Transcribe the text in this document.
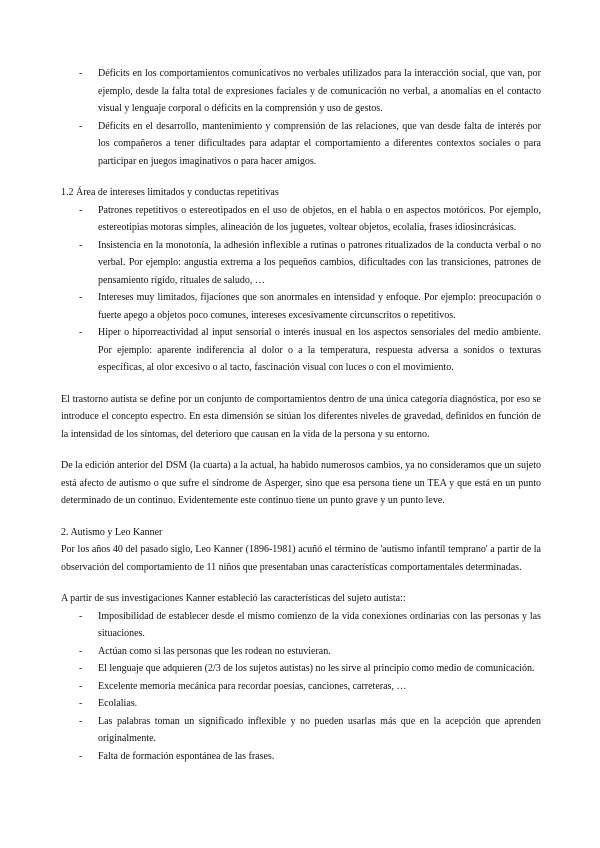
- Déficits en los comportamientos comunicativos no verbales utilizados para la interacción social, que van, por ejemplo, desde la falta total de expresiones faciales y de comunicación no verbal, a anomalías en el contacto visual y lenguaje corporal o déficits en la comprensión y uso de gestos.
- Déficits en el desarrollo, mantenimiento y comprensión de las relaciones, que van desde falta de interés por los compañeros a tener dificultades para adaptar el comportamiento a diferentes contextos sociales o para participar en juegos imaginativos o para hacer amigos.

1.2 Área de intereses limitados y conductas repetitivas

- Patrones repetitivos o estereotipados en el uso de objetos, en el habla o en aspectos motóricos. Por ejemplo, estereotipias motoras simples, alineación de los juguetes, voltear objetos, ecolalia, frases idiosincrásicas.
- Insistencia en la monotonía, la adhesión inflexible a rutinas o patrones ritualizados de la conducta verbal o no verbal. Por ejemplo: angustia extrema a los pequeños cambios, dificultades con las transiciones, patrones de pensamiento rígido, rituales de saludo, …
- Intereses muy limitados, fijaciones que son anormales en intensidad y enfoque. Por ejemplo: preocupación o fuerte apego a objetos poco comunes, intereses excesivamente circunscritos o repetitivos.
- Hiper o hiporreactividad al input sensorial o interés inusual en los aspectos sensoriales del medio ambiente. Por ejemplo: aparente indiferencia al dolor o a la temperatura, respuesta adversa a sonidos o texturas específicas, al olor excesivo o al tacto, fascinación visual con luces o con el movimiento.

El trastorno autista se define por un conjunto de comportamientos dentro de una única categoría diagnóstica, por eso se introduce el concepto espectro. En esta dimensión se sitúan los diferentes niveles de gravedad, definidos en función de la intensidad de los síntomas, del deterioro que causan en la vida de la persona y su entorno.

De la edición anterior del DSM (la cuarta) a la actual, ha habido numerosos cambios, ya no consideramos que un sujeto está afecto de autismo o que sufre el síndrome de Asperger, sino que esa persona tiene un TEA y que está en un punto determinado de un continuo. Evidentemente este continuo tiene un punto grave y un punto leve.

2. Autismo y Leo Kanner

Por los años 40 del pasado siglo, Leo Kanner (1896-1981) acuñó el término de 'autismo infantil temprano' a partir de la observación del comportamiento de 11 niños que presentaban unas características comportamentales determinadas.

A partir de sus investigaciones Kanner estableció las características del sujeto autista::

- Imposibilidad de establecer desde el mismo comienzo de la vida conexiones ordinarias con las personas y las situaciones.
- Actúan como si las personas que les rodean no estuvieran.
- El lenguaje que adquieren (2/3 de los sujetos autistas) no les sirve al principio como medio de comunicación.
- Excelente memoria mecánica para recordar poesías, canciones, carreteras, …
- Ecolalias.
- Las palabras toman un significado inflexible y no pueden usarlas más que en la acepción que aprenden originalmente.
- Falta de formación espontánea de las frases.
